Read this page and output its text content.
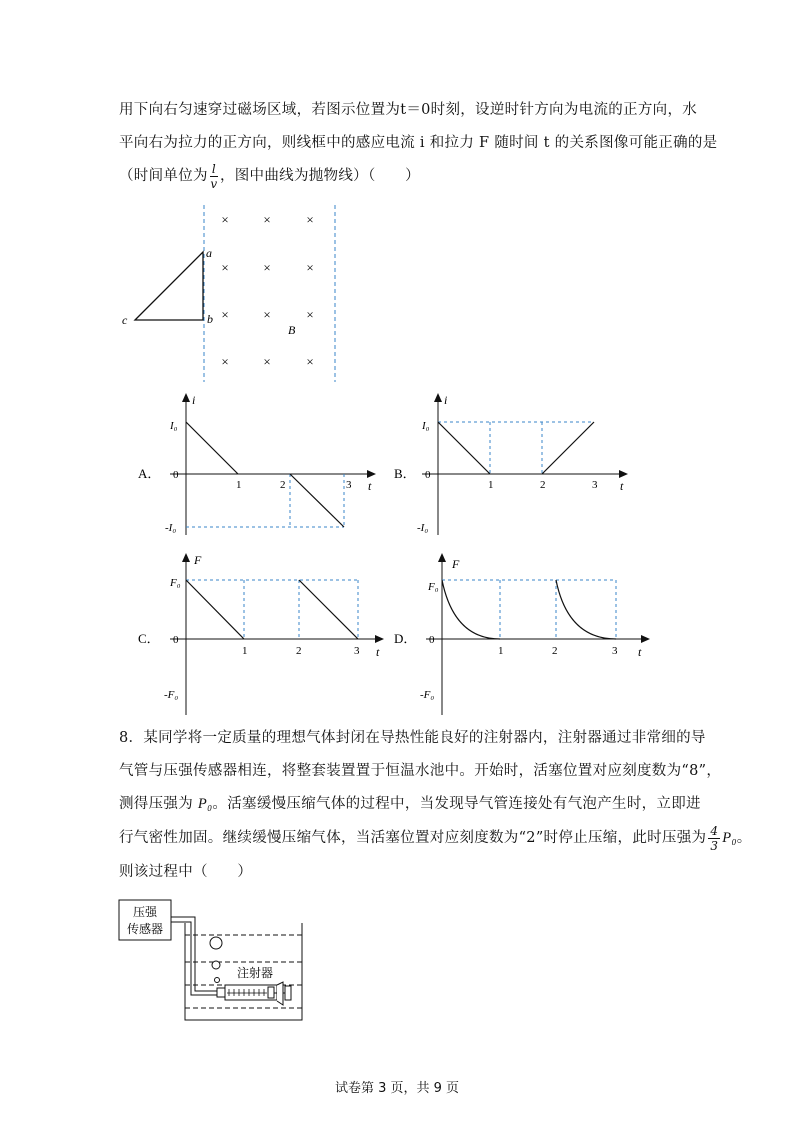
用下向右匀速穿过磁场区域，若图示位置为t＝0时刻，设逆时针方向为电流的正方向，水
平向右为拉力的正方向，则线框中的感应电流 i 和拉力 F 随时间 t 的关系图像可能正确的是
（时间单位为 $\frac{l}{v}$ ，图中曲线为抛物线）（　　）
a
b
c
B
×	×	×
×	×	×
×	×	×
×	×	×
A．
i
t
I₀
-I₀
0
1	2	3
B．
i
t
I₀
-I₀
0
1	2	3
C．
F
t
F₀
-F₀
0
1	2	3
D．
F
t
F₀
-F₀
0
1	2	3
8．某同学将一定质量的理想气体封闭在导热性能良好的注射器内，注射器通过非常细的导
气管与压强传感器相连，将整套装置置于恒温水池中。开始时，活塞位置对应刻度数为“8”，
测得压强为 P₀。活塞缓慢压缩气体的过程中，当发现导气管连接处有气泡产生时，立即进
行气密性加固。继续缓慢压缩气体，当活塞位置对应刻度数为“2”时停止压缩，此时压强为 $\frac{4}{3} P_0$。
则该过程中（　　）
压强
传感器
注射器
试卷第 3 页，共 9 页
